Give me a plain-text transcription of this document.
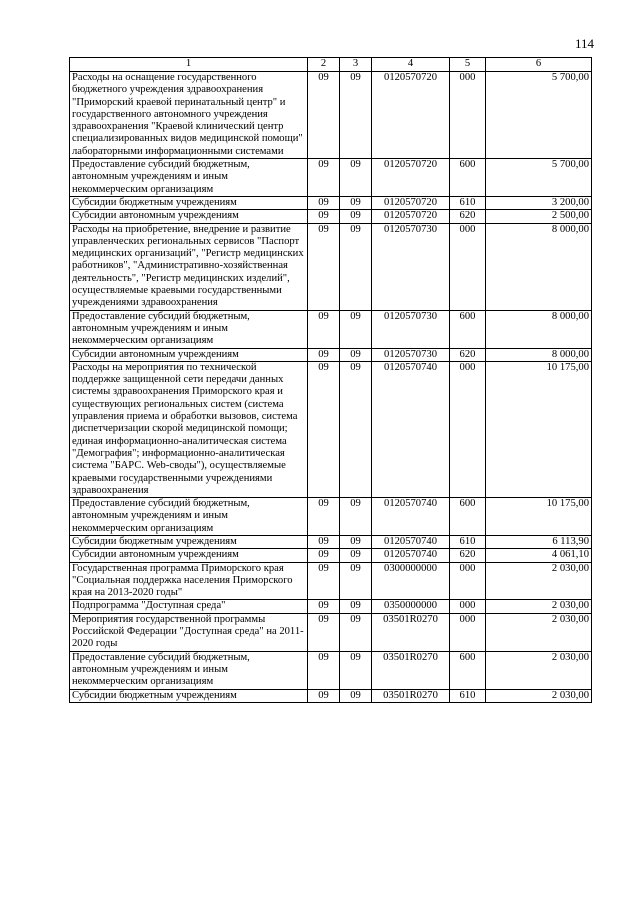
114
1	2	3	4	5	6
Расходы на оснащение государственного бюджетного учреждения здравоохранения "Приморский краевой перинатальный центр" и государственного автономного учреждения здравоохранения "Краевой клинический центр специализированных видов медицинской помощи" лабораторными информационными системами	09	09	0120570720	000	5 700,00
Предоставление субсидий бюджетным, автономным учреждениям и иным некоммерческим организациям	09	09	0120570720	600	5 700,00
Субсидии бюджетным учреждениям	09	09	0120570720	610	3 200,00
Субсидии автономным учреждениям	09	09	0120570720	620	2 500,00
Расходы на приобретение, внедрение и развитие управленческих региональных сервисов "Паспорт медицинских организаций", "Регистр медицинских работников", "Административно-хозяйственная деятельность", "Регистр медицинских изделий", осуществляемые краевыми государственными учреждениями здравоохранения	09	09	0120570730	000	8 000,00
Предоставление субсидий бюджетным, автономным учреждениям и иным некоммерческим организациям	09	09	0120570730	600	8 000,00
Субсидии автономным учреждениям	09	09	0120570730	620	8 000,00
Расходы на мероприятия по технической поддержке защищенной сети передачи данных системы здравоохранения Приморского края и существующих региональных систем (система управления приема и обработки вызовов, система диспетчеризации скорой медицинской помощи; единая информационно-аналитическая система "Демография"; информационно-аналитическая система "БАРС. Web-своды"), осуществляемые краевыми государственными учреждениями здравоохранения	09	09	0120570740	000	10 175,00
Предоставление субсидий бюджетным, автономным учреждениям и иным некоммерческим организациям	09	09	0120570740	600	10 175,00
Субсидии бюджетным учреждениям	09	09	0120570740	610	6 113,90
Субсидии автономным учреждениям	09	09	0120570740	620	4 061,10
Государственная программа Приморского края "Социальная поддержка населения Приморского края на 2013-2020 годы"	09	09	0300000000	000	2 030,00
Подпрограмма "Доступная среда"	09	09	0350000000	000	2 030,00
Мероприятия государственной программы Российской Федерации "Доступная среда" на 2011-2020 годы	09	09	03501R0270	000	2 030,00
Предоставление субсидий бюджетным, автономным учреждениям и иным некоммерческим организациям	09	09	03501R0270	600	2 030,00
Субсидии бюджетным учреждениям	09	09	03501R0270	610	2 030,00
